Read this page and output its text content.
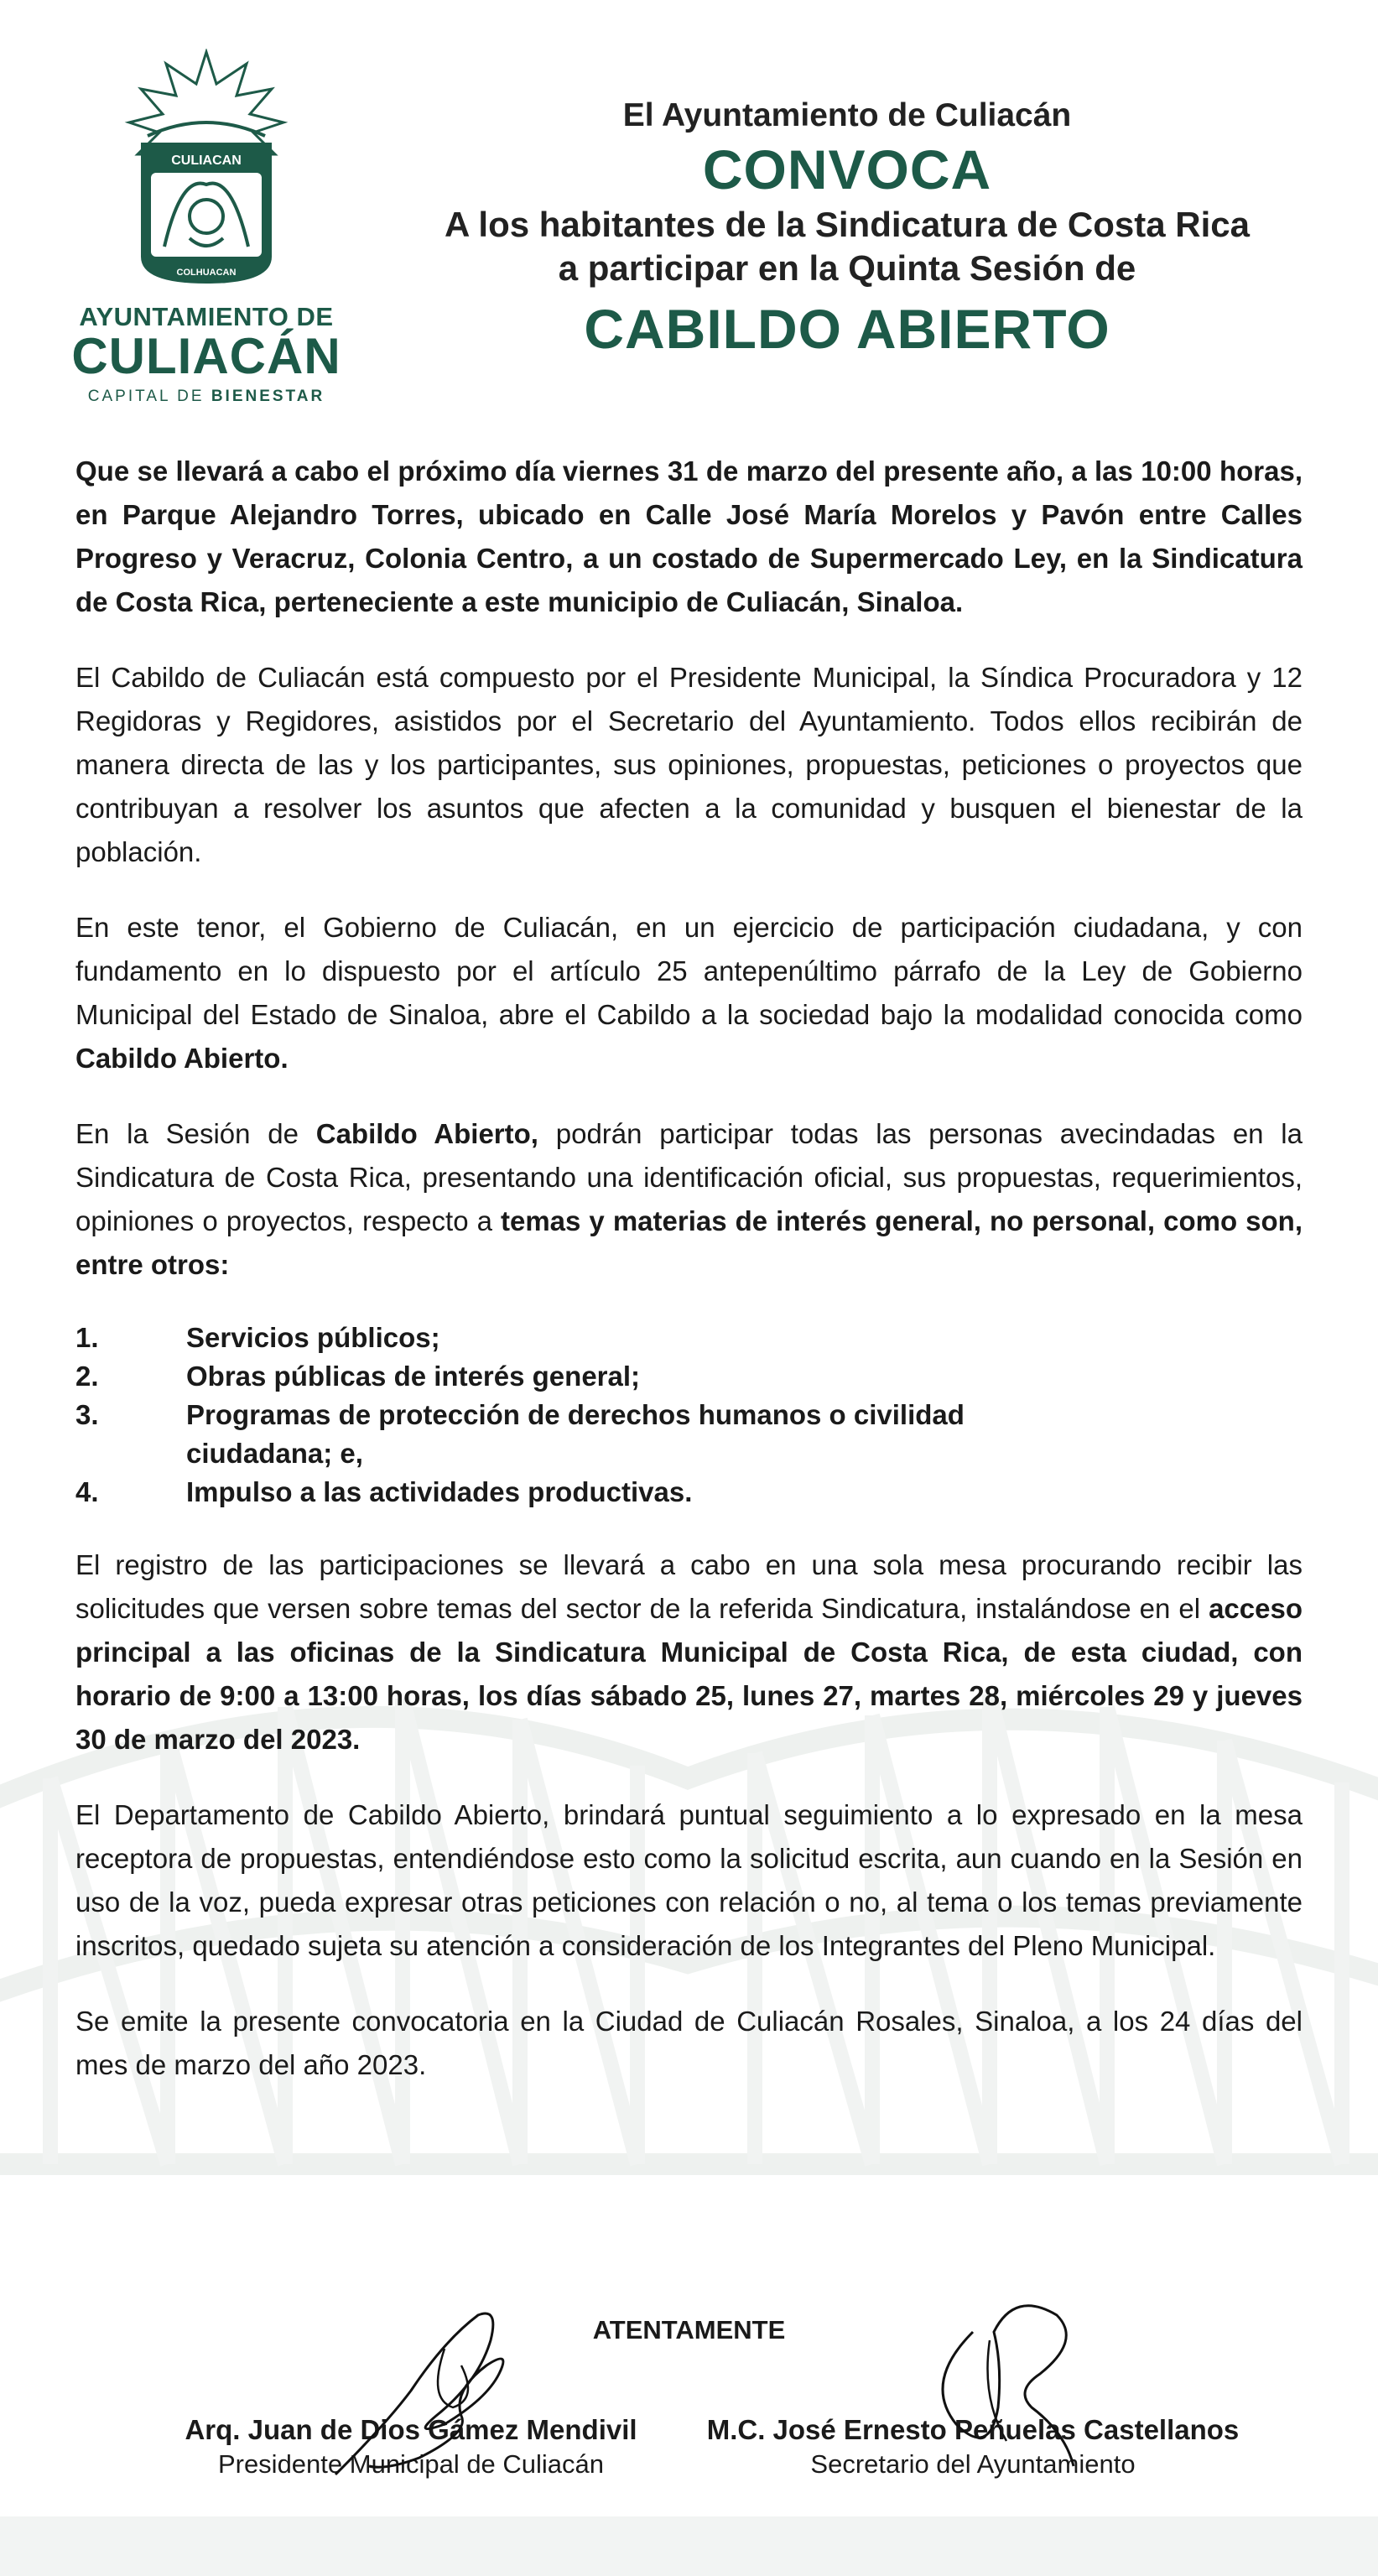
CULIACAN
COLHUACAN
AYUNTAMIENTO DE
CULIACÁN
CAPITAL DE BIENESTAR
El Ayuntamiento de Culiacán
CONVOCA
A los habitantes de la Sindicatura de Costa Rica
a participar en la Quinta Sesión de
CABILDO ABIERTO

Que se llevará a cabo el próximo día viernes 31 de marzo del presente año, a las 10:00 horas, en Parque Alejandro Torres, ubicado en Calle José María Morelos y Pavón entre Calles Progreso y Veracruz, Colonia Centro, a un costado de Supermercado Ley, en la Sindicatura de Costa Rica, perteneciente a este municipio de Culiacán, Sinaloa.

El Cabildo de Culiacán está compuesto por el Presidente Municipal, la Síndica Procuradora y 12 Regidoras y Regidores, asistidos por el Secretario del Ayuntamiento. Todos ellos recibirán de manera directa de las y los participantes, sus opiniones, propuestas, peticiones o proyectos que contribuyan a resolver los asuntos que afecten a la comunidad y busquen el bienestar de la población.

En este tenor, el Gobierno de Culiacán, en un ejercicio de participación ciudadana, y con fundamento en lo dispuesto por el artículo 25 antepenúltimo párrafo de la Ley de Gobierno Municipal del Estado de Sinaloa, abre el Cabildo a la sociedad bajo la modalidad conocida como Cabildo Abierto.

En la Sesión de Cabildo Abierto, podrán participar todas las personas avecindadas en la Sindicatura de Costa Rica, presentando una identificación oficial, sus propuestas, requerimientos, opiniones o proyectos, respecto a temas y materias de interés general, no personal, como son, entre otros:

1.	Servicios públicos;
2.	Obras públicas de interés general;
3.	Programas de protección de derechos humanos o civilidad ciudadana; e,
4.	Impulso a las actividades productivas.

El registro de las participaciones se llevará a cabo en una sola mesa procurando recibir las solicitudes que versen sobre temas del sector de la referida Sindicatura, instalándose en el acceso principal a las oficinas de la Sindicatura Municipal de Costa Rica, de esta ciudad, con horario de 9:00 a 13:00 horas, los días sábado 25, lunes 27, martes 28, miércoles 29 y jueves 30 de marzo del 2023.

El Departamento de Cabildo Abierto, brindará puntual seguimiento a lo expresado en la mesa receptora de propuestas, entendiéndose esto como la solicitud escrita, aun cuando en la Sesión en uso de la voz, pueda expresar otras peticiones con relación o no, al tema o los temas previamente inscritos, quedado sujeta su atención a consideración de los Integrantes del Pleno Municipal.

Se emite la presente convocatoria en la Ciudad de Culiacán Rosales, Sinaloa, a los 24 días del mes de marzo del año 2023.

ATENTAMENTE
Arq. Juan de Dios Gámez Mendivil
Presidente Municipal de Culiacán
M.C. José Ernesto Peñuelas Castellanos
Secretario del Ayuntamiento
